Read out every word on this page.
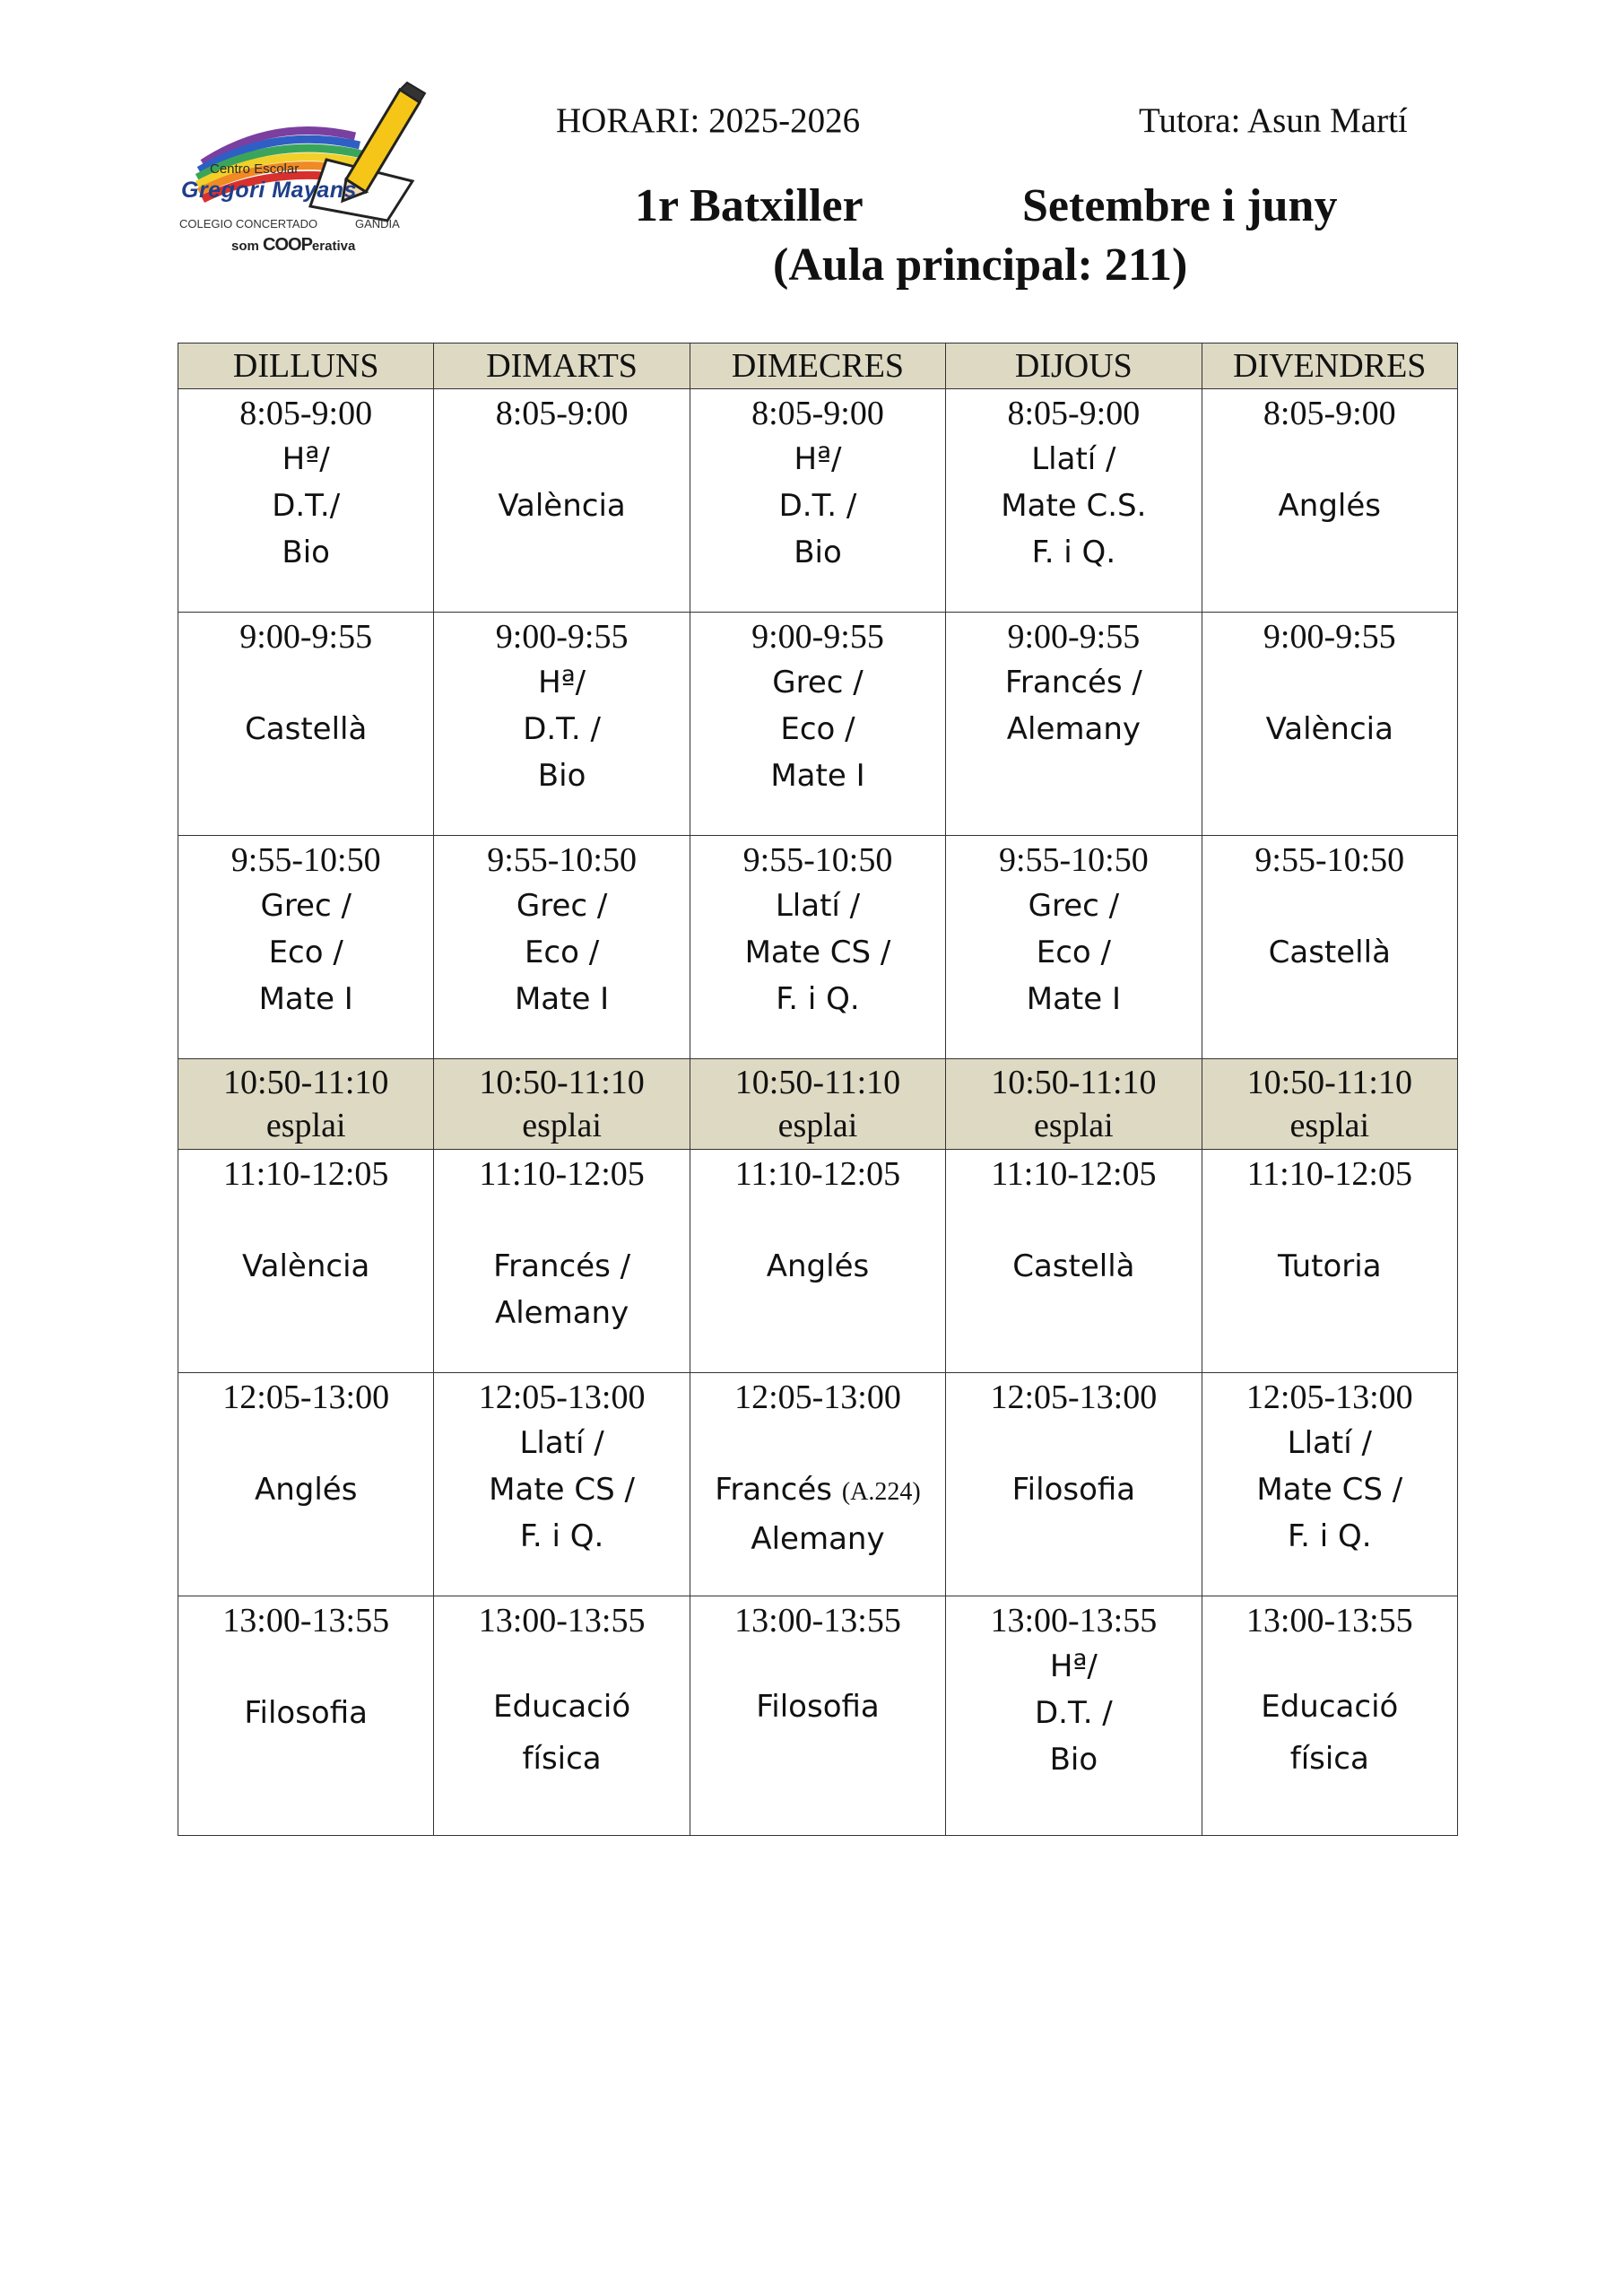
Centro Escolar
Gregori Mayans
COLEGIO CONCERTADO	GANDIA
som COOPerativa
HORARI: 2025-2026	Tutora: Asun Martí
1r Batxiller	Setembre i juny
(Aula principal: 211)
DILLUNS	DIMARTS	DIMECRES	DIJOUS	DIVENDRES

8:05-9:00
Hª/
D.T./
Bio	8:05-9:00
València	8:05-9:00
Hª/
D.T. /
Bio	8:05-9:00
Llatí /
Mate C.S.
F. i Q.	8:05-9:00
Anglés

9:00-9:55
Castellà	9:00-9:55
Hª/
D.T. /
Bio	9:00-9:55
Grec /
Eco /
Mate I	9:00-9:55
Francés /
Alemany	9:00-9:55
València

9:55-10:50
Grec /
Eco /
Mate I	9:55-10:50
Grec /
Eco /
Mate I	9:55-10:50
Llatí /
Mate CS /
F. i Q.	9:55-10:50
Grec /
Eco /
Mate I	9:55-10:50
Castellà

10:50-11:10
esplai	10:50-11:10
esplai	10:50-11:10
esplai	10:50-11:10
esplai	10:50-11:10
esplai

11:10-12:05
València	11:10-12:05
Francés /
Alemany	11:10-12:05
Anglés	11:10-12:05
Castellà	11:10-12:05
Tutoria

12:05-13:00
Anglés	12:05-13:00
Llatí /
Mate CS /
F. i Q.	12:05-13:00
Francés (A.224)
Alemany	12:05-13:00
Filosofia	12:05-13:00
Llatí /
Mate CS /
F. i Q.

13:00-13:55
Filosofia	13:00-13:55
Educació
física	13:00-13:55
Filosofia	13:00-13:55
Hª/
D.T. /
Bio	13:00-13:55
Educació
física
